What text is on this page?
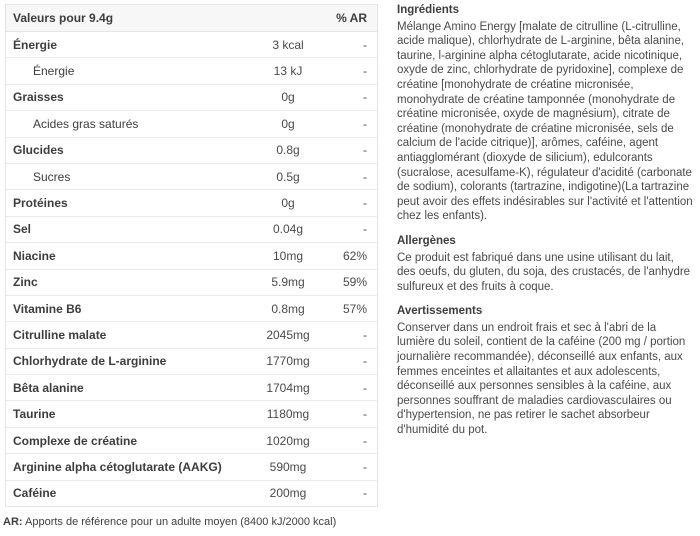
Valeurs pour 9.4g	% AR
Énergie	3 kcal	-
Énergie	13 kJ	-
Graisses	0g	-
Acides gras saturés	0g	-
Glucides	0.8g	-
Sucres	0.5g	-
Protéines	0g	-
Sel	0.04g	-
Niacine	10mg	62%
Zinc	5.9mg	59%
Vitamine B6	0.8mg	57%
Citrulline malate	2045mg	-
Chlorhydrate de L-arginine	1770mg	-
Bêta alanine	1704mg	-
Taurine	1180mg	-
Complexe de créatine	1020mg	-
Arginine alpha cétoglutarate (AAKG)	590mg	-
Caféine	200mg	-
AR: Apports de référence pour un adulte moyen (8400 kJ/2000 kcal)
Ingrédients

Mélange Amino Energy [malate de citrulline (L-citrulline, acide malique), chlorhydrate de L-arginine, bêta alanine, taurine, l-arginine alpha cétoglutarate, acide nicotinique, oxyde de zinc, chlorhydrate de pyridoxine], complexe de créatine [monohydrate de créatine micronisée, monohydrate de créatine tamponnée (monohydrate de créatine micronisée, oxyde de magnésium), citrate de créatine (monohydrate de créatine micronisée, sels de calcium de l'acide citrique)], arômes, caféine, agent antiagglomérant (dioxyde de silicium), edulcorants (sucralose, acesulfame-K), régulateur d'acidité (carbonate de sodium), colorants (tartrazine, indigotine)(La tartrazine peut avoir des effets indésirables sur l'activité et l'attention chez les enfants).

Allergènes

Ce produit est fabriqué dans une usine utilisant du lait, des oeufs, du gluten, du soja, des crustacés, de l'anhydre sulfureux et des fruits à coque.

Avertissements

Conserver dans un endroit frais et sec à l'abri de la lumière du soleil, contient de la caféine (200 mg / portion journalière recommandée), déconseillé aux enfants, aux femmes enceintes et allaitantes et aux adolescents, déconseillé aux personnes sensibles à la caféine, aux personnes souffrant de maladies cardiovasculaires ou d'hypertension, ne pas retirer le sachet absorbeur d'humidité du pot.
